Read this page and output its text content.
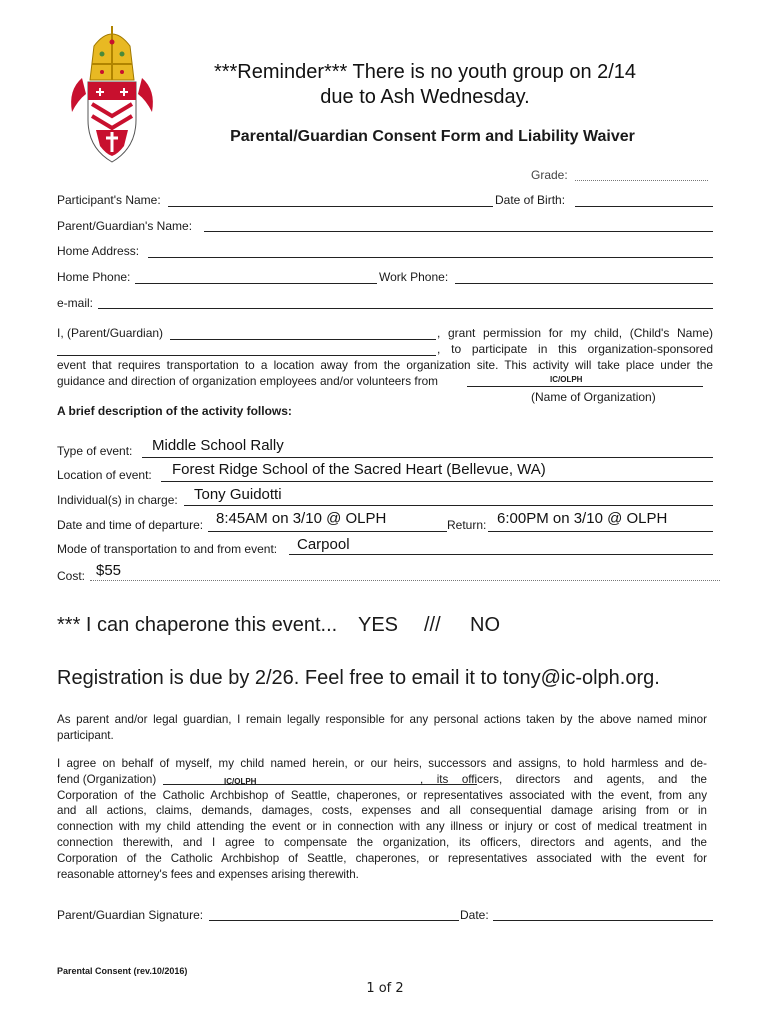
***Reminder*** There is no youth group on 2/14
due to Ash Wednesday.
Parental/Guardian Consent Form and Liability Waiver
Grade:
Participant's Name:	Date of Birth:
Parent/Guardian's Name:
Home Address:
Home Phone:	Work Phone:
e-mail:
I, (Parent/Guardian)	, grant permission for my child, (Child's Name)
, to participate in this organization-sponsored
event that requires transportation to a location away from the organization site. This activity will take place under the
guidance and direction of organization employees and/or volunteers from	IC/OLPH
(Name of Organization)
A brief description of the activity follows:
Type of event: Middle School Rally
Location of event: Forest Ridge School of the Sacred Heart (Bellevue, WA)
Individual(s) in charge: Tony Guidotti
Date and time of departure: 8:45AM on 3/10 @ OLPH	Return: 6:00PM on 3/10 @ OLPH
Mode of transportation to and from event: Carpool
Cost: $55
*** I can chaperone this event... YES /// NO
Registration is due by 2/26. Feel free to email it to tony@ic-olph.org.
As parent and/or legal guardian, I remain legally responsible for any personal actions taken by the above named minor
participant.
I agree on behalf of myself, my child named herein, or our heirs, successors and assigns, to hold harmless and de-
fend (Organization)	IC/OLPH	, its officers, directors and agents, and the
Corporation of the Catholic Archbishop of Seattle, chaperones, or representatives associated with the event, from any
and all actions, claims, demands, damages, costs, expenses and all consequential damage arising from or in
connection with my child attending the event or in connection with any illness or injury or cost of medical treatment in
connection therewith, and I agree to compensate the organization, its officers, directors and agents, and the
Corporation of the Catholic Archbishop of Seattle, chaperones, or representatives associated with the event for
reasonable attorney's fees and expenses arising therewith.
Parent/Guardian Signature:	Date:
Parental Consent (rev.10/2016)
1 of 2
